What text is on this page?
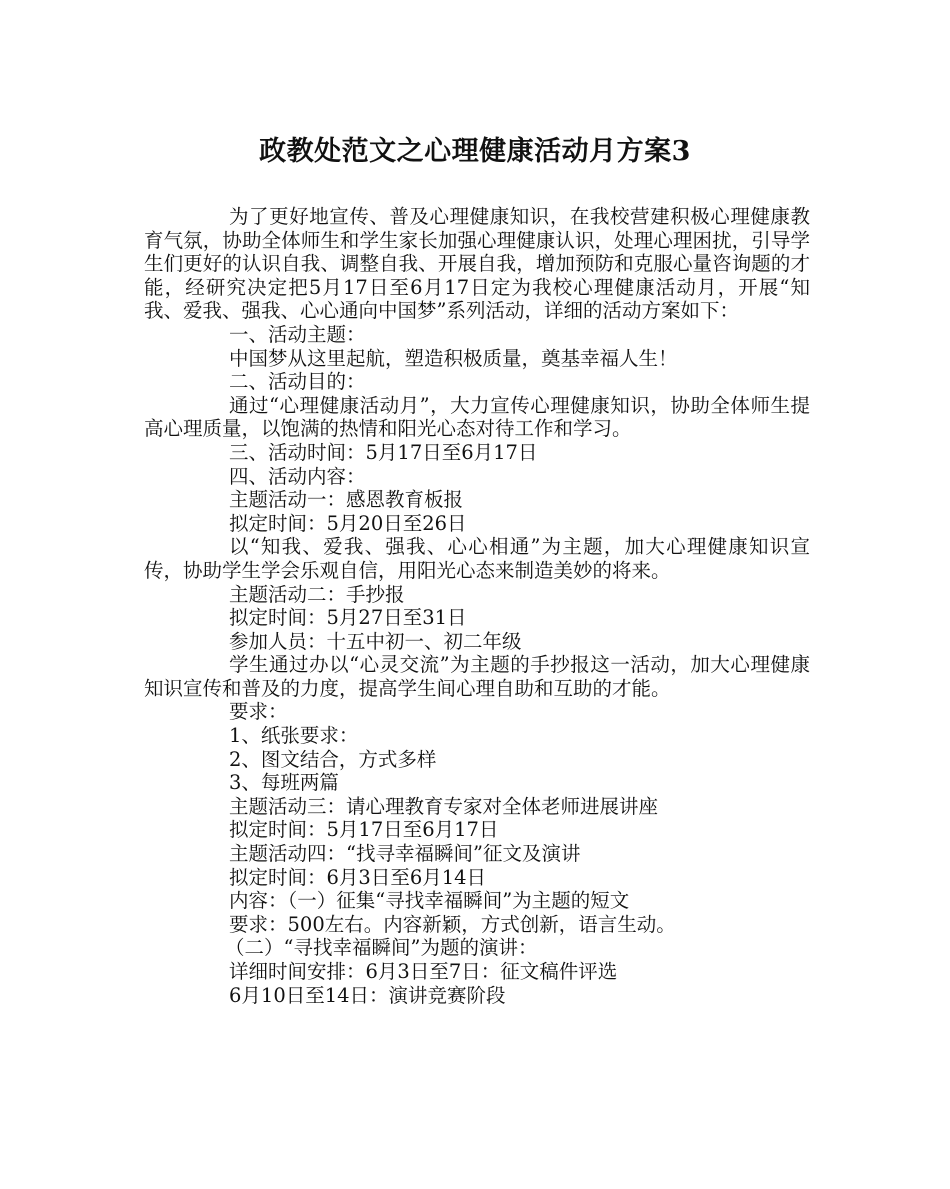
政教处范文之心理健康活动月方案3

为了更好地宣传、普及心理健康知识，在我校营建积极心理健康教育气氛，协助全体师生和学生家长加强心理健康认识，处理心理困扰，引导学生们更好的认识自我、调整自我、开展自我，增加预防和克服心量咨询题的才能，经研究决定把5月17日至6月17日定为我校心理健康活动月，开展“知我、爱我、强我、心心通向中国梦”系列活动，详细的活动方案如下：

一、活动主题：

中国梦从这里起航，塑造积极质量，奠基幸福人生！

二、活动目的：

通过“心理健康活动月”，大力宣传心理健康知识，协助全体师生提高心理质量，以饱满的热情和阳光心态对待工作和学习。

三、活动时间：5月17日至6月17日

四、活动内容：

主题活动一：感恩教育板报

拟定时间：5月20日至26日

以“知我、爱我、强我、心心相通”为主题，加大心理健康知识宣传，协助学生学会乐观自信，用阳光心态来制造美妙的将来。

主题活动二：手抄报

拟定时间：5月27日至31日

参加人员：十五中初一、初二年级

学生通过办以“心灵交流”为主题的手抄报这一活动，加大心理健康知识宣传和普及的力度，提高学生间心理自助和互助的才能。

要求：

1、纸张要求：

2、图文结合，方式多样

3、每班两篇

主题活动三：请心理教育专家对全体老师进展讲座

拟定时间：5月17日至6月17日

主题活动四：“找寻幸福瞬间”征文及演讲

拟定时间：6月3日至6月14日

内容：（一）征集“寻找幸福瞬间”为主题的短文

要求：500左右。内容新颖，方式创新，语言生动。

（二）“寻找幸福瞬间”为题的演讲：

详细时间安排：6月3日至7日：征文稿件评选

6月10日至14日：演讲竞赛阶段
